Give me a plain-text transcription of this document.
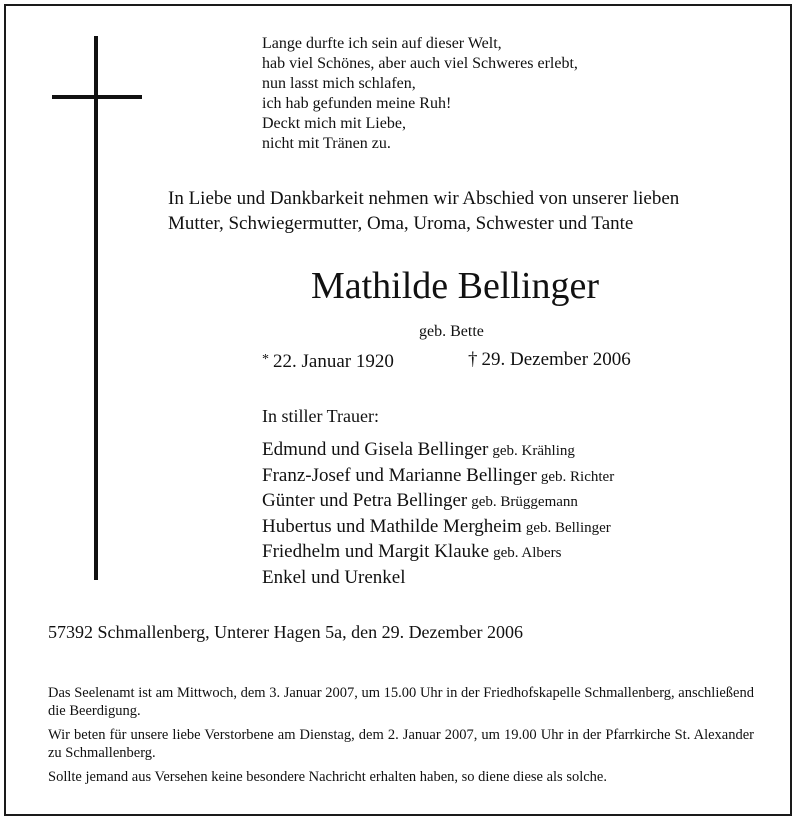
Lange durfte ich sein auf dieser Welt,
hab viel Schönes, aber auch viel Schweres erlebt,
nun lasst mich schlafen,
ich hab gefunden meine Ruh!
Deckt mich mit Liebe,
nicht mit Tränen zu.
In Liebe und Dankbarkeit nehmen wir Abschied von unserer lieben
Mutter, Schwiegermutter, Oma, Uroma, Schwester und Tante
Mathilde Bellinger
geb. Bette
* 22. Januar 1920	† 29. Dezember 2006
In stiller Trauer:
Edmund und Gisela Bellinger geb. Krähling
Franz-Josef und Marianne Bellinger geb. Richter
Günter und Petra Bellinger geb. Brüggemann
Hubertus und Mathilde Mergheim geb. Bellinger
Friedhelm und Margit Klauke geb. Albers
Enkel und Urenkel
57392 Schmallenberg, Unterer Hagen 5a, den 29. Dezember 2006

Das Seelenamt ist am Mittwoch, dem 3. Januar 2007, um 15.00 Uhr in der Friedhofskapelle Schmallenberg, anschließend die Beerdigung.

Wir beten für unsere liebe Verstorbene am Dienstag, dem 2. Januar 2007, um 19.00 Uhr in der Pfarrkirche St. Alexander zu Schmallenberg.

Sollte jemand aus Versehen keine besondere Nachricht erhalten haben, so diene diese als solche.
